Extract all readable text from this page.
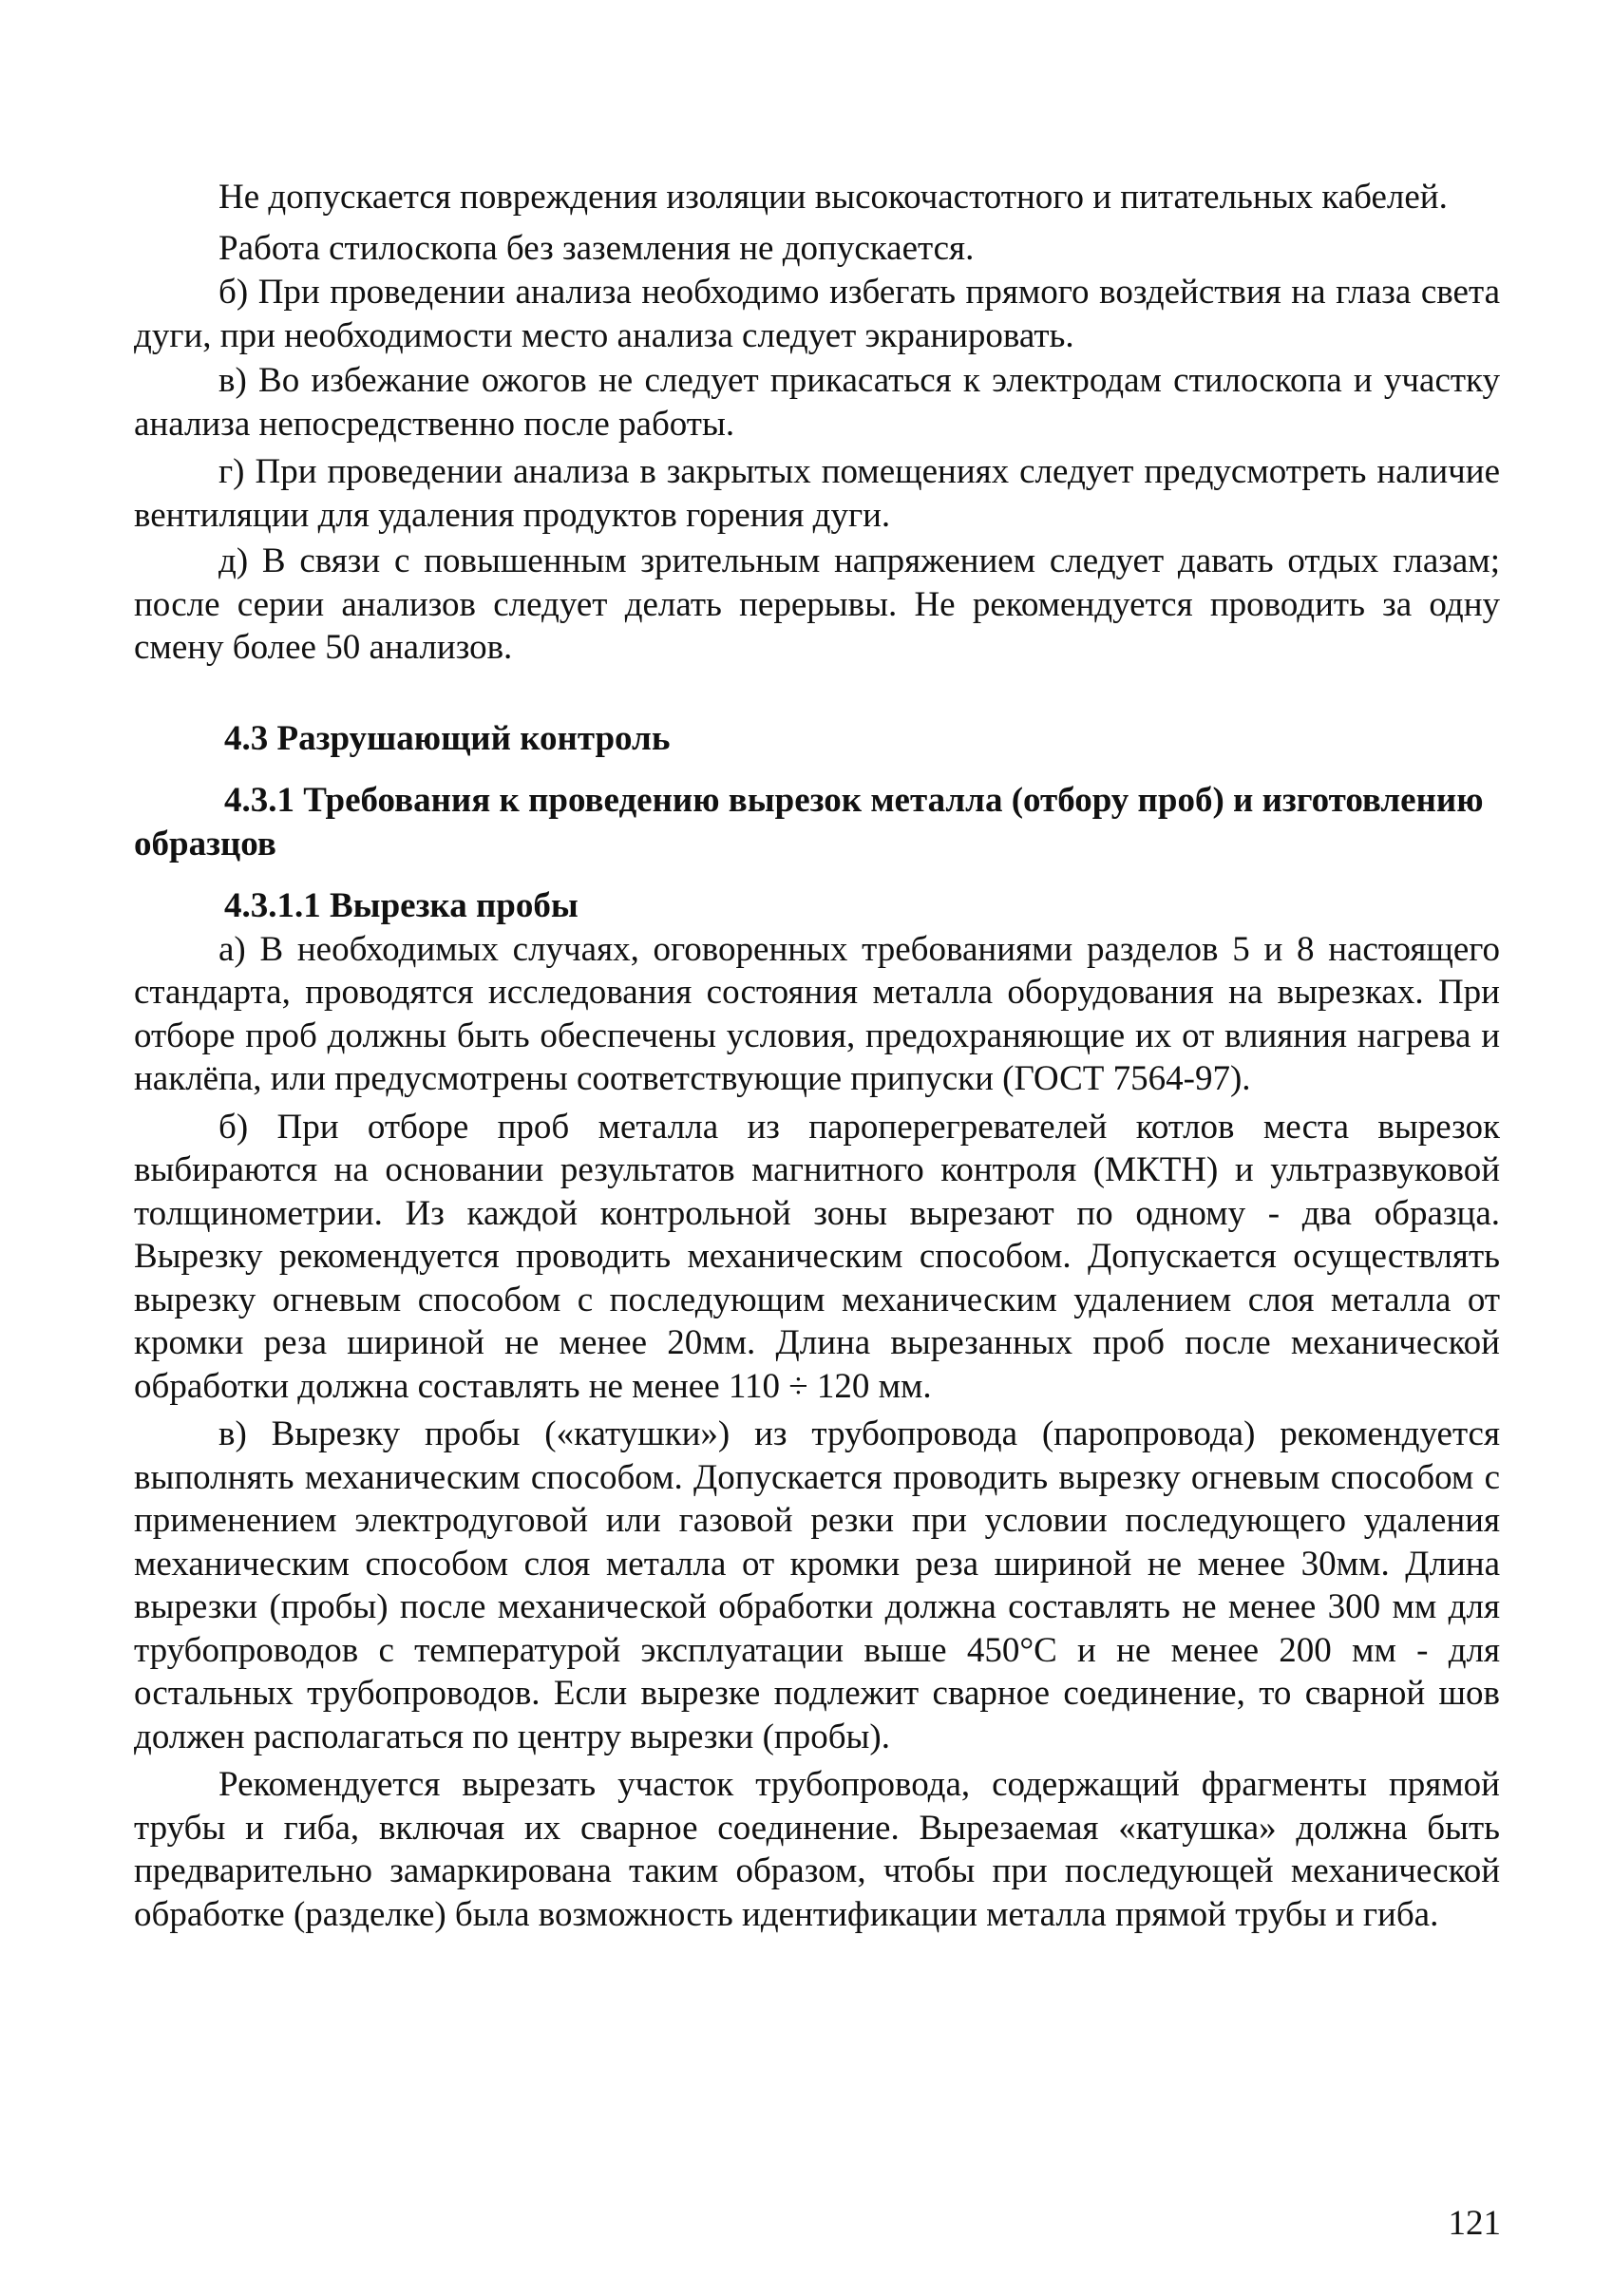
Не допускается повреждения изоляции высокочастотного и питательных кабелей.

Работа стилоскопа без заземления не допускается.

б) При проведении анализа необходимо избегать прямого воздействия на глаза света дуги, при необходимости место анализа следует экранировать.

в) Во избежание ожогов не следует прикасаться к электродам стилоскопа и участку анализа непосредственно после работы.

г) При проведении анализа в закрытых помещениях следует предусмотреть наличие вентиляции для удаления продуктов горения дуги.

д) В связи с повышенным зрительным напряжением следует давать отдых глазам; после серии анализов следует делать перерывы. Не рекомендуется проводить за одну смену более 50 анализов.

4.3 Разрушающий контроль
4.3.1 Требования к проведению вырезок металла (отбору проб) и изготовлению образцов
4.3.1.1 Вырезка пробы

а) В необходимых случаях, оговоренных требованиями разделов 5 и 8 настоящего стандарта, проводятся исследования состояния металла оборудования на вырезках. При отборе проб должны быть обеспечены условия, предохраняющие их от влияния нагрева и наклёпа, или предусмотрены соответствующие припуски (ГОСТ 7564-97).

б) При отборе проб металла из пароперегревателей котлов места вырезок выбираются на основании результатов магнитного контроля (МКТН) и ультразвуковой толщинометрии. Из каждой контрольной зоны вырезают по одному - два образца. Вырезку рекомендуется проводить механическим способом. Допускается осуществлять вырезку огневым способом с последующим механическим удалением слоя металла от кромки реза шириной не менее 20мм. Длина вырезанных проб после механической обработки должна составлять не менее 110 ÷ 120 мм.

в) Вырезку пробы («катушки») из трубопровода (паропровода) рекомендуется выполнять механическим способом. Допускается проводить вырезку огневым способом с применением электродуговой или газовой резки при условии последующего удаления механическим способом слоя металла от кромки реза шириной не менее 30мм. Длина вырезки (пробы) после механической обработки должна составлять не менее 300 мм для трубопроводов с температурой эксплуатации выше 450°C и не менее 200 мм - для остальных трубопроводов. Если вырезке подлежит сварное соединение, то сварной шов должен располагаться по центру вырезки (пробы).

Рекомендуется вырезать участок трубопровода, содержащий фрагменты прямой трубы и гиба, включая их сварное соединение. Вырезаемая «катушка» должна быть предварительно замаркирована таким образом, чтобы при последующей механической обработке (разделке) была возможность идентификации металла прямой трубы и гиба.

121
